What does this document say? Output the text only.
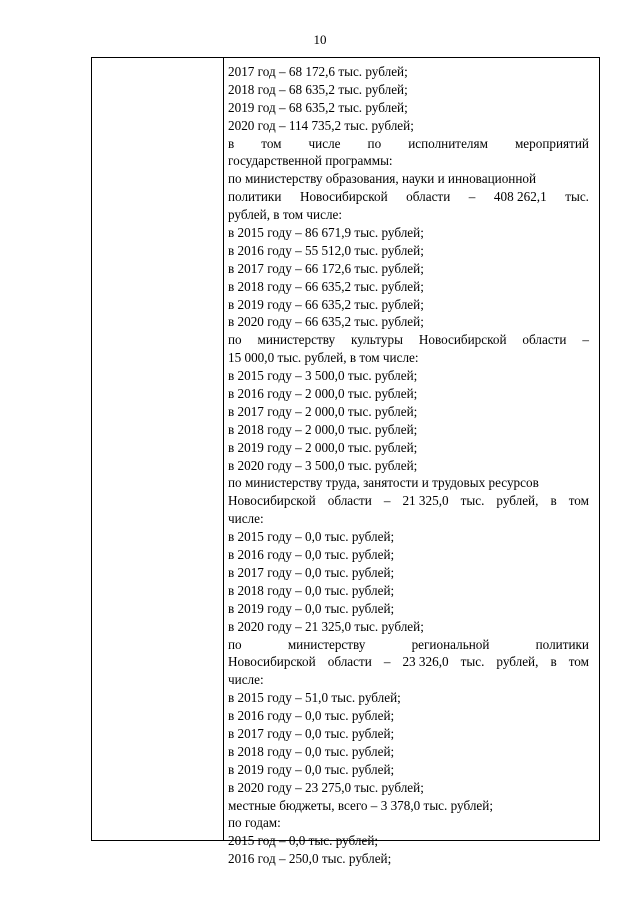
10
2017 год – 68 172,6 тыс. рублей;
2018 год – 68 635,2 тыс. рублей;
2019 год – 68 635,2 тыс. рублей;
2020 год – 114 735,2 тыс. рублей;
в том числе по исполнителям мероприятий
государственной программы:
по министерству образования, науки и инновационной
политики Новосибирской области – 408 262,1 тыс.
рублей, в том числе:
в 2015 году – 86 671,9 тыс. рублей;
в 2016 году – 55 512,0 тыс. рублей;
в 2017 году – 66 172,6 тыс. рублей;
в 2018 году – 66 635,2 тыс. рублей;
в 2019 году – 66 635,2 тыс. рублей;
в 2020 году – 66 635,2 тыс. рублей;
по министерству культуры Новосибирской области –
15 000,0 тыс. рублей, в том числе:
в 2015 году – 3 500,0 тыс. рублей;
в 2016 году – 2 000,0 тыс. рублей;
в 2017 году – 2 000,0 тыс. рублей;
в 2018 году – 2 000,0 тыс. рублей;
в 2019 году – 2 000,0 тыс. рублей;
в 2020 году – 3 500,0 тыс. рублей;
по министерству труда, занятости и трудовых ресурсов
Новосибирской области – 21 325,0 тыс. рублей, в том
числе:
в 2015 году – 0,0 тыс. рублей;
в 2016 году – 0,0 тыс. рублей;
в 2017 году – 0,0 тыс. рублей;
в 2018 году – 0,0 тыс. рублей;
в 2019 году – 0,0 тыс. рублей;
в 2020 году – 21 325,0 тыс. рублей;
по	министерству	региональной	политики
Новосибирской области – 23 326,0 тыс. рублей, в том
числе:
в 2015 году – 51,0 тыс. рублей;
в 2016 году – 0,0 тыс. рублей;
в 2017 году – 0,0 тыс. рублей;
в 2018 году – 0,0 тыс. рублей;
в 2019 году – 0,0 тыс. рублей;
в 2020 году – 23 275,0 тыс. рублей;
местные бюджеты, всего – 3 378,0 тыс. рублей;
по годам:
2015 год – 0,0 тыс. рублей;
2016 год – 250,0 тыс. рублей;
